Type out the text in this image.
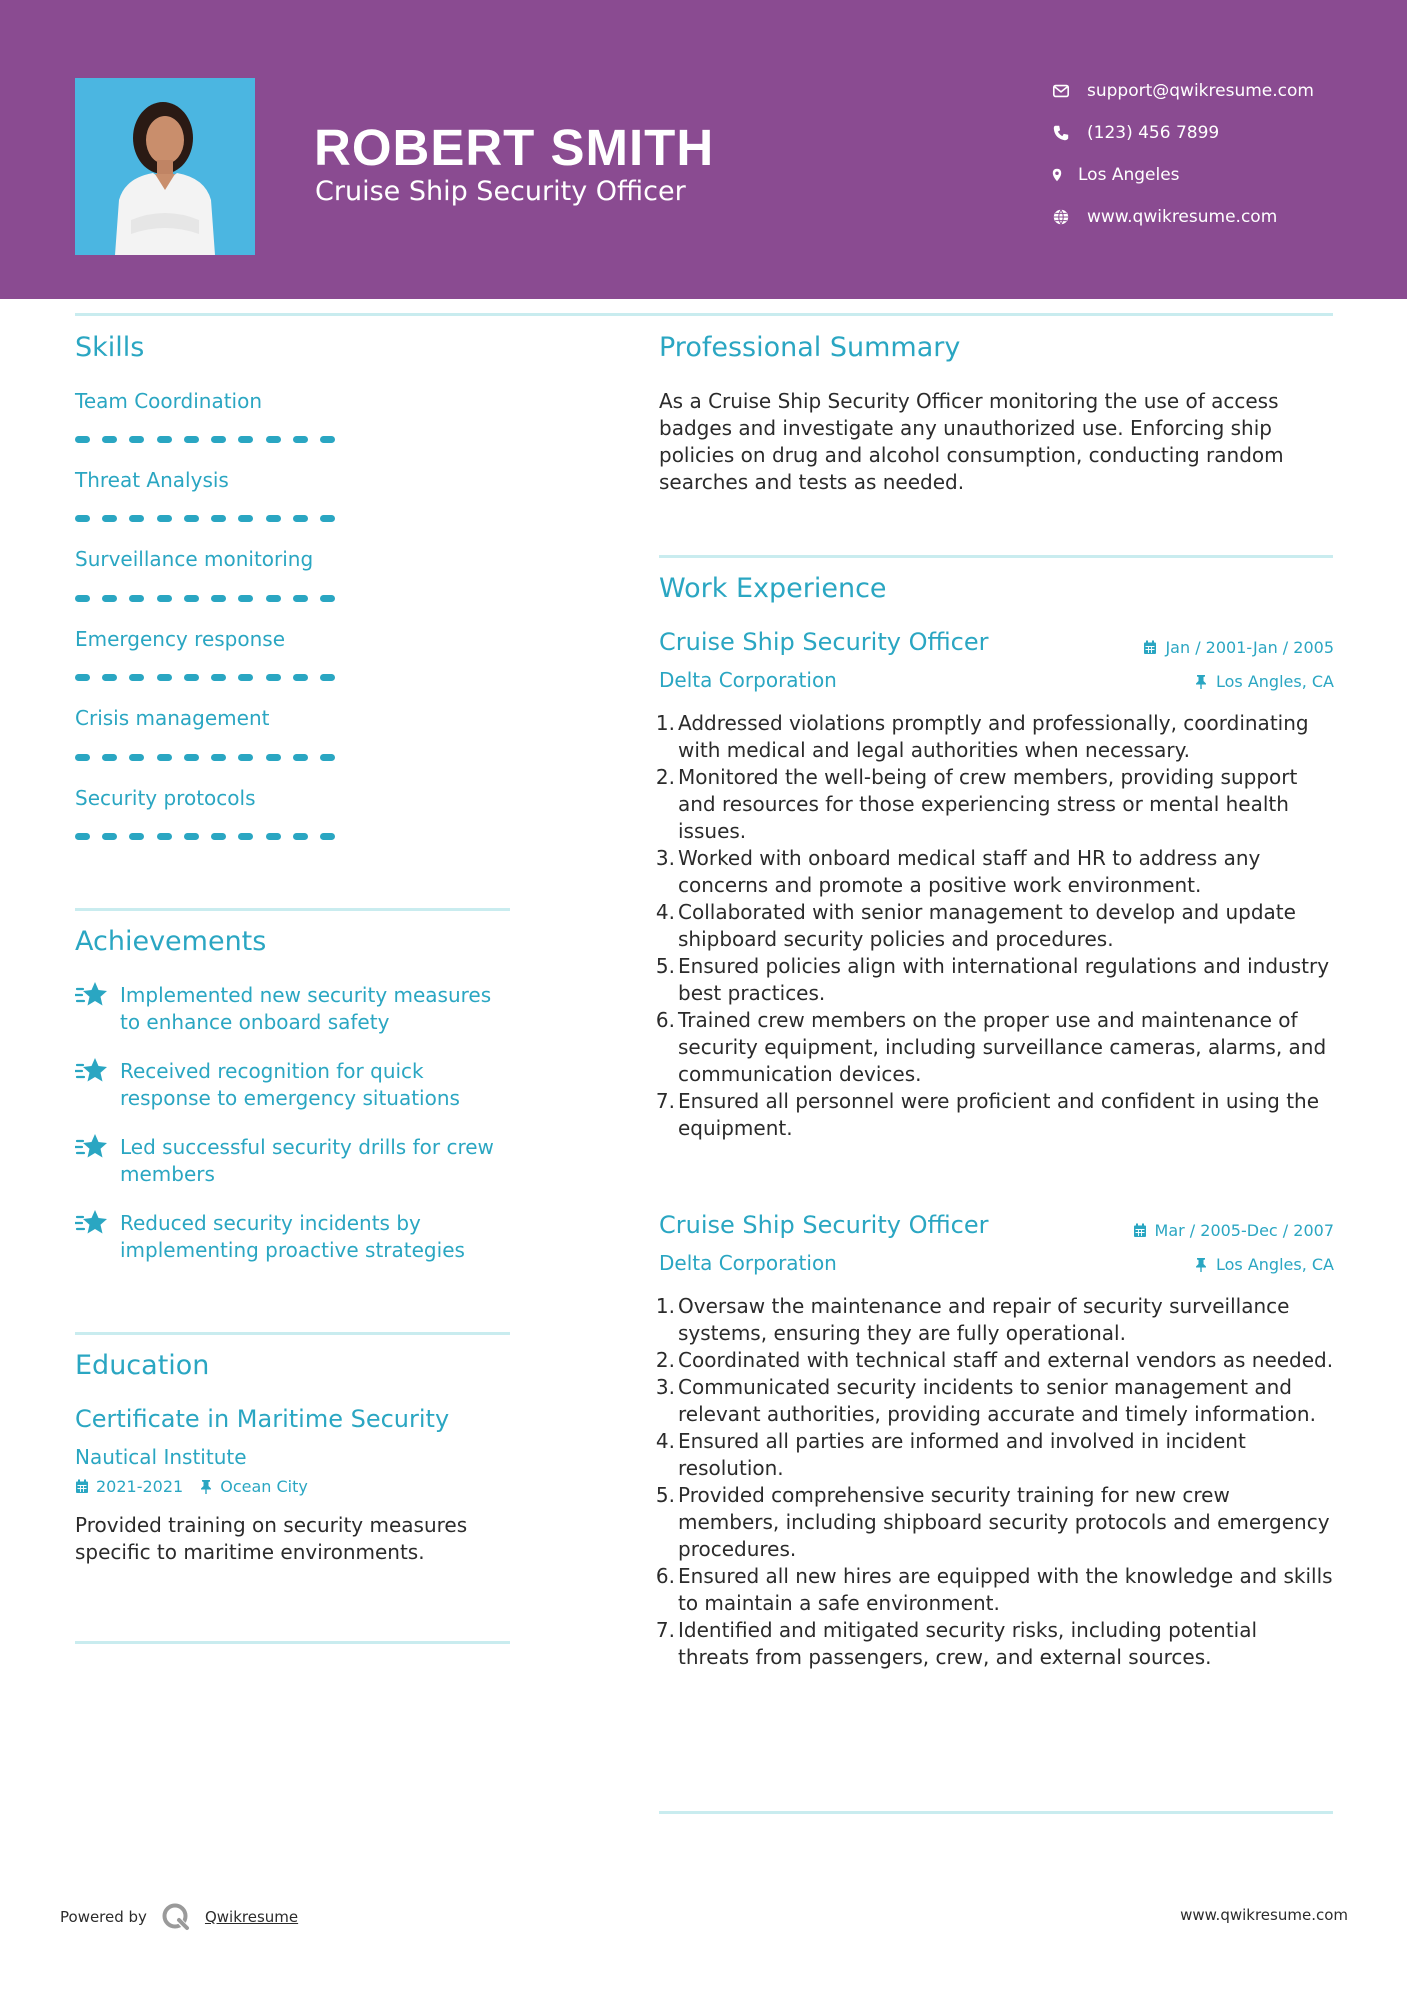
ROBERT SMITH
Cruise Ship Security Officer
support@qwikresume.com
(123) 456 7899
Los Angeles
www.qwikresume.com
Skills
Team Coordination
Threat Analysis
Surveillance monitoring
Emergency response
Crisis management
Security protocols
Achievements
Implemented new security measures to enhance onboard safety
Received recognition for quick response to emergency situations
Led successful security drills for crew members
Reduced security incidents by implementing proactive strategies
Education
Certificate in Maritime Security
Nautical Institute
2021-2021 Ocean City
Provided training on security measures specific to maritime environments.
Professional Summary
As a Cruise Ship Security Officer monitoring the use of access badges and investigate any unauthorized use. Enforcing ship policies on drug and alcohol consumption, conducting random searches and tests as needed.
Work Experience
Cruise Ship Security Officer	Jan / 2001-Jan / 2005
Delta Corporation	Los Angles, CA
1. Addressed violations promptly and professionally, coordinating with medical and legal authorities when necessary.
2. Monitored the well-being of crew members, providing support and resources for those experiencing stress or mental health issues.
3. Worked with onboard medical staff and HR to address any concerns and promote a positive work environment.
4. Collaborated with senior management to develop and update shipboard security policies and procedures.
5. Ensured policies align with international regulations and industry best practices.
6. Trained crew members on the proper use and maintenance of security equipment, including surveillance cameras, alarms, and communication devices.
7. Ensured all personnel were proficient and confident in using the equipment.
Cruise Ship Security Officer	Mar / 2005-Dec / 2007
Delta Corporation	Los Angles, CA
1. Oversaw the maintenance and repair of security surveillance systems, ensuring they are fully operational.
2. Coordinated with technical staff and external vendors as needed.
3. Communicated security incidents to senior management and relevant authorities, providing accurate and timely information.
4. Ensured all parties are informed and involved in incident resolution.
5. Provided comprehensive security training for new crew members, including shipboard security protocols and emergency procedures.
6. Ensured all new hires are equipped with the knowledge and skills to maintain a safe environment.
7. Identified and mitigated security risks, including potential threats from passengers, crew, and external sources.
Powered by	Qwikresume	www.qwikresume.com
